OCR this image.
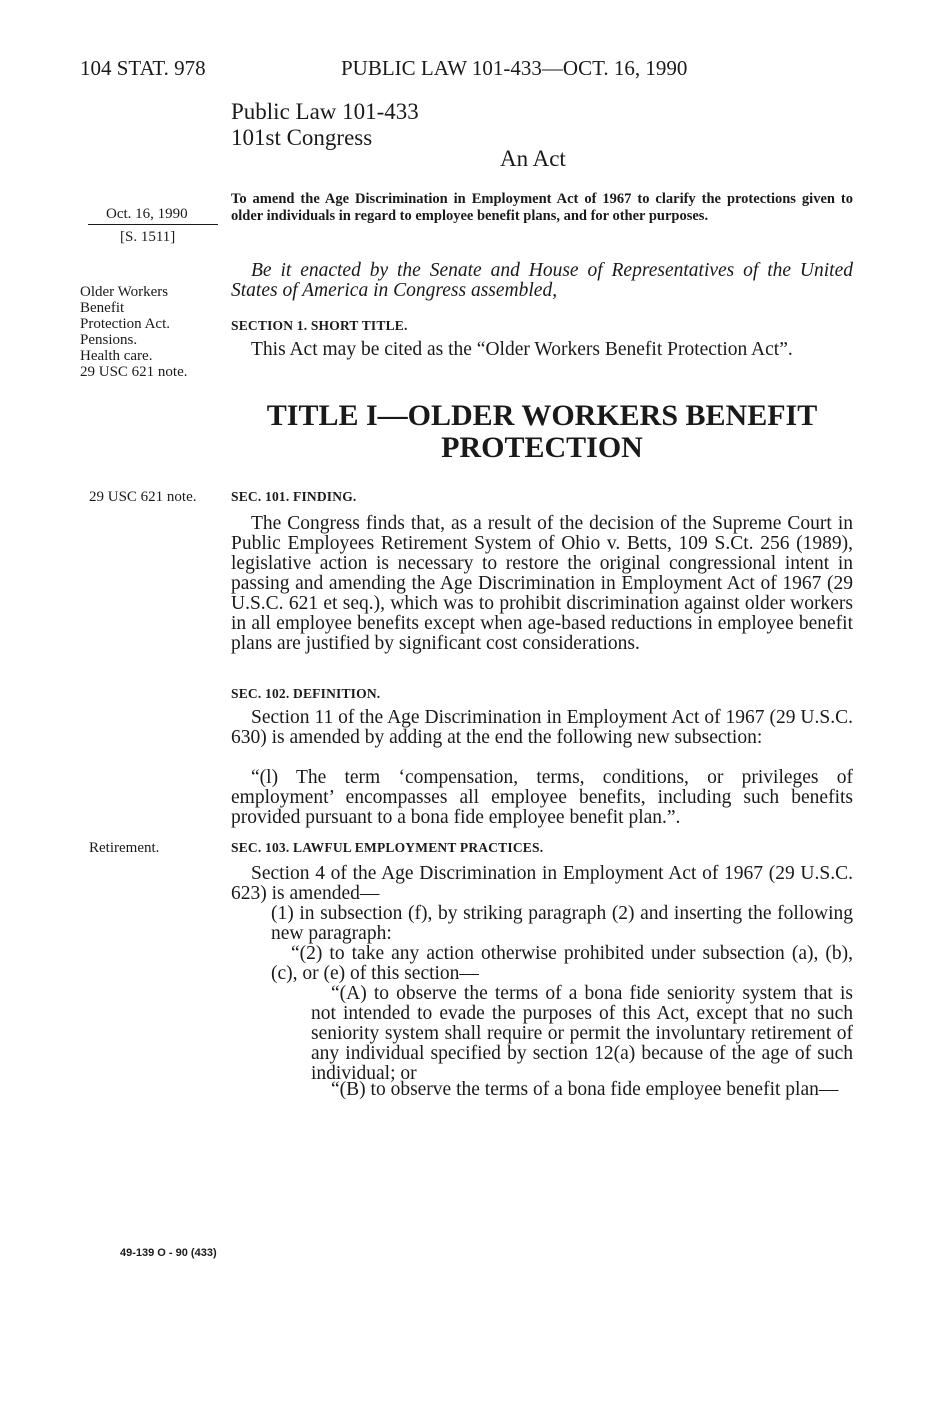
104 STAT. 978	PUBLIC LAW 101-433—OCT. 16, 1990

Public Law 101-433

101st Congress

An Act

Oct. 16, 1990

[S. 1511]

To amend the Age Discrimination in Employment Act of 1967 to clarify the protections given to older individuals in regard to employee benefit plans, and for other purposes.

Older Workers
Benefit
Protection Act.
Pensions.
Health care.
29 USC 621 note.

Be it enacted by the Senate and House of Representatives of the United States of America in Congress assembled,

SECTION 1. SHORT TITLE.

This Act may be cited as the “Older Workers Benefit Protection Act”.

TITLE I—OLDER WORKERS BENEFIT
PROTECTION

29 USC 621 note.	SEC. 101. FINDING.

The Congress finds that, as a result of the decision of the Supreme Court in Public Employees Retirement System of Ohio v. Betts, 109 S.Ct. 256 (1989), legislative action is necessary to restore the original congressional intent in passing and amending the Age Discrimination in Employment Act of 1967 (29 U.S.C. 621 et seq.), which was to prohibit discrimination against older workers in all employee benefits except when age-based reductions in employee benefit plans are justified by significant cost considerations.

SEC. 102. DEFINITION.

Section 11 of the Age Discrimination in Employment Act of 1967 (29 U.S.C. 630) is amended by adding at the end the following new subsection:

“(l) The term ‘compensation, terms, conditions, or privileges of employment’ encompasses all employee benefits, including such benefits provided pursuant to a bona fide employee benefit plan.”.

Retirement.	SEC. 103. LAWFUL EMPLOYMENT PRACTICES.

Section 4 of the Age Discrimination in Employment Act of 1967 (29 U.S.C. 623) is amended—

(1) in subsection (f), by striking paragraph (2) and inserting the following new paragraph:

“(2) to take any action otherwise prohibited under subsection (a), (b), (c), or (e) of this section—

“(A) to observe the terms of a bona fide seniority system that is not intended to evade the purposes of this Act, except that no such seniority system shall require or permit the involuntary retirement of any individual specified by section 12(a) because of the age of such individual; or

“(B) to observe the terms of a bona fide employee benefit plan—

49-139 O - 90 (433)
